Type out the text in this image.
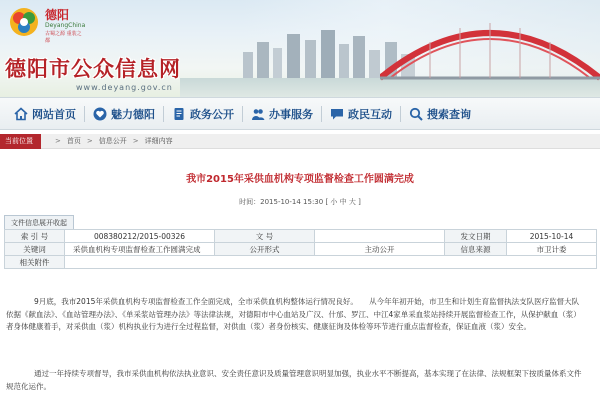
德阳
DeyangChina
古蜀之源 重装之都
德阳市公众信息网
www.deyang.gov.cn
网站首页	魅力德阳	政务公开	办事服务	政民互动	搜索查询
当前位置	> 首页 > 信息公开 > 详细内容
我市2015年采供血机构专项监督检查工作圆满完成
时间：2015-10-14 15:30 [ 小 中 大 ]
文件信息展开收起
索 引 号	008380212/2015-00326	文 号		发文日期	2015-10-14
关键词	采供血机构专项监督检查工作圆满完成	公开形式	主动公开	信息来源	市卫计委
相关附件					
9月底，我市2015年采供血机构专项监督检查工作全面完成，全市采供血机构整体运行情况良好。　　从今年年初开始，市卫生和计划生育监督执法支队医疗监督大队依据《献血法》、《血站管理办法》、《单采浆站管理办法》等法律法规，对德阳市中心血站及广汉、什邡、罗江、中江4家单采血浆站持续开展监督检查工作，从保护献血（浆）者身体健康着手，对采供血（浆）机构执业行为进行全过程监督，对供血（浆）者身份核实、健康征询及体检等环节进行重点监督检查，保证血液（浆）安全。
通过一年持续专项督导，我市采供血机构依法执业意识、安全责任意识及质量管理意识明显加强，执业水平不断提高，基本实现了在法律、法规框架下按质量体系文件规范化运作。
